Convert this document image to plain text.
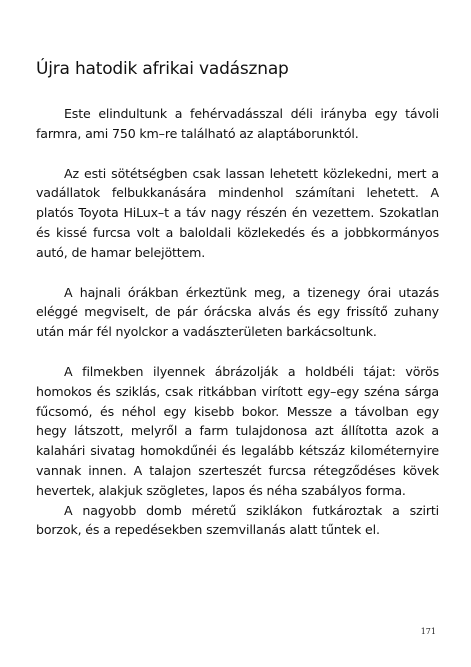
Újra hatodik afrikai vadásznap

Este elindultunk a fehérvadásszal déli irányba egy távoli farmra, ami 750 km–re található az alaptáborunktól.

Az esti sötétségben csak lassan lehetett közlekedni, mert a vadállatok felbukkanására mindenhol számítani lehetett. A platós Toyota HiLux–t a táv nagy részén én vezettem. Szokatlan és kissé furcsa volt a baloldali közlekedés és a jobbkormányos autó, de hamar belejöttem.

A hajnali órákban érkeztünk meg, a tizenegy órai utazás eléggé megviselt, de pár órácska alvás és egy frissítő zuhany után már fél nyolckor a vadászterületen barkácsoltunk.

A filmekben ilyennek ábrázolják a holdbéli tájat: vörös homokos és sziklás, csak ritkábban virított egy–egy széna sárga fűcsomó, és néhol egy kisebb bokor. Messze a távolban egy hegy látszott, melyről a farm tulajdonosa azt állította azok a kalahári sivatag homokdűnéi és legalább kétszáz kilométernyire vannak innen. A talajon szerteszét furcsa rétegződéses kövek hevertek, alakjuk szögletes, lapos és néha szabályos forma.

A nagyobb domb méretű sziklákon futkároztak a szirti borzok, és a repedésekben szemvillanás alatt tűntek el.

171
